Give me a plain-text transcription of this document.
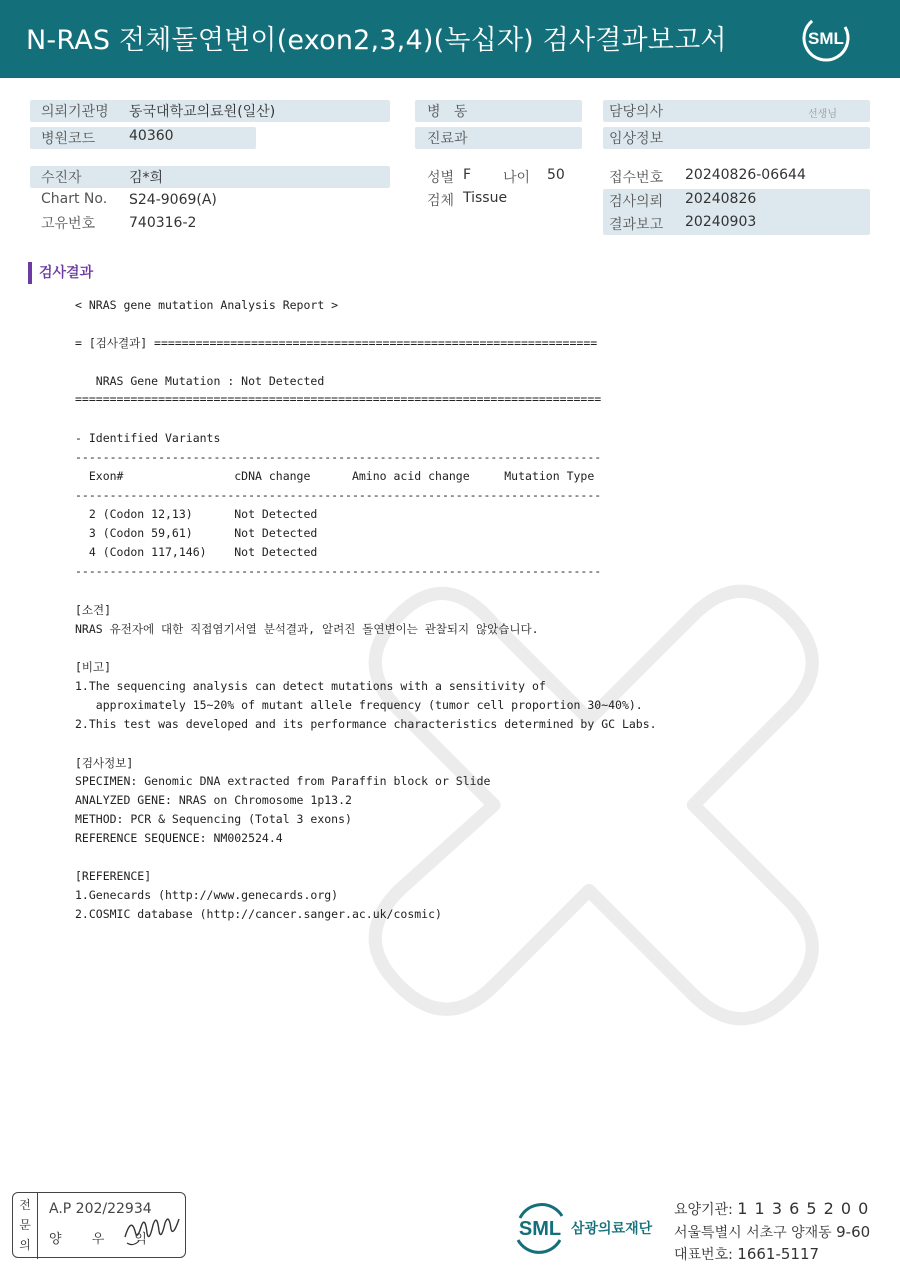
N-RAS 전체돌연변이(exon2,3,4)(녹십자) 검사결과보고서	SML
의뢰기관명 동국대학교의료원(일산)
병원코드 40360
병   동
진료과
담당의사	선생님
임상정보
수진자	김*희
Chart No. S24-9069(A)
고유번호 740316-2
성별 F 나이 50
검체 Tissue
접수번호 20240826-06644
검사의뢰 20240826
결과보고 20240903
검사결과
< NRAS gene mutation Analysis Report >
= [검사결과] ================================================================
NRAS Gene Mutation : Not Detected
============================================================================
- Identified Variants
----------------------------------------------------------------------------
Exon#                cDNA change      Amino acid change     Mutation Type
----------------------------------------------------------------------------
2 (Codon 12,13)      Not Detected
3 (Codon 59,61)      Not Detected
4 (Codon 117,146)    Not Detected
----------------------------------------------------------------------------
[소견]
NRAS 유전자에 대한 직접염기서열 분석결과, 알려진 돌연변이는 관찰되지 않았습니다.
[비고]
1.The sequencing analysis can detect mutations with a sensitivity of
approximately 15~20% of mutant allele frequency (tumor cell proportion 30~40%).
2.This test was developed and its performance characteristics determined by GC Labs.
[검사정보]
SPECIMEN: Genomic DNA extracted from Paraffin block or Slide
ANALYZED GENE: NRAS on Chromosome 1p13.2
METHOD: PCR & Sequencing (Total 3 exons)
REFERENCE SEQUENCE: NM002524.4
[REFERENCE]
1.Genecards (http://www.genecards.org)
2.COSMIC database (http://cancer.sanger.ac.uk/cosmic)
전
문
의
A.P 202/22934
양 우 익	SML 삼광의료재단
요양기관: 1 1 3 6 5 2 0 0
서울특별시 서초구 양재동 9-60
대표번호: 1661-5117
